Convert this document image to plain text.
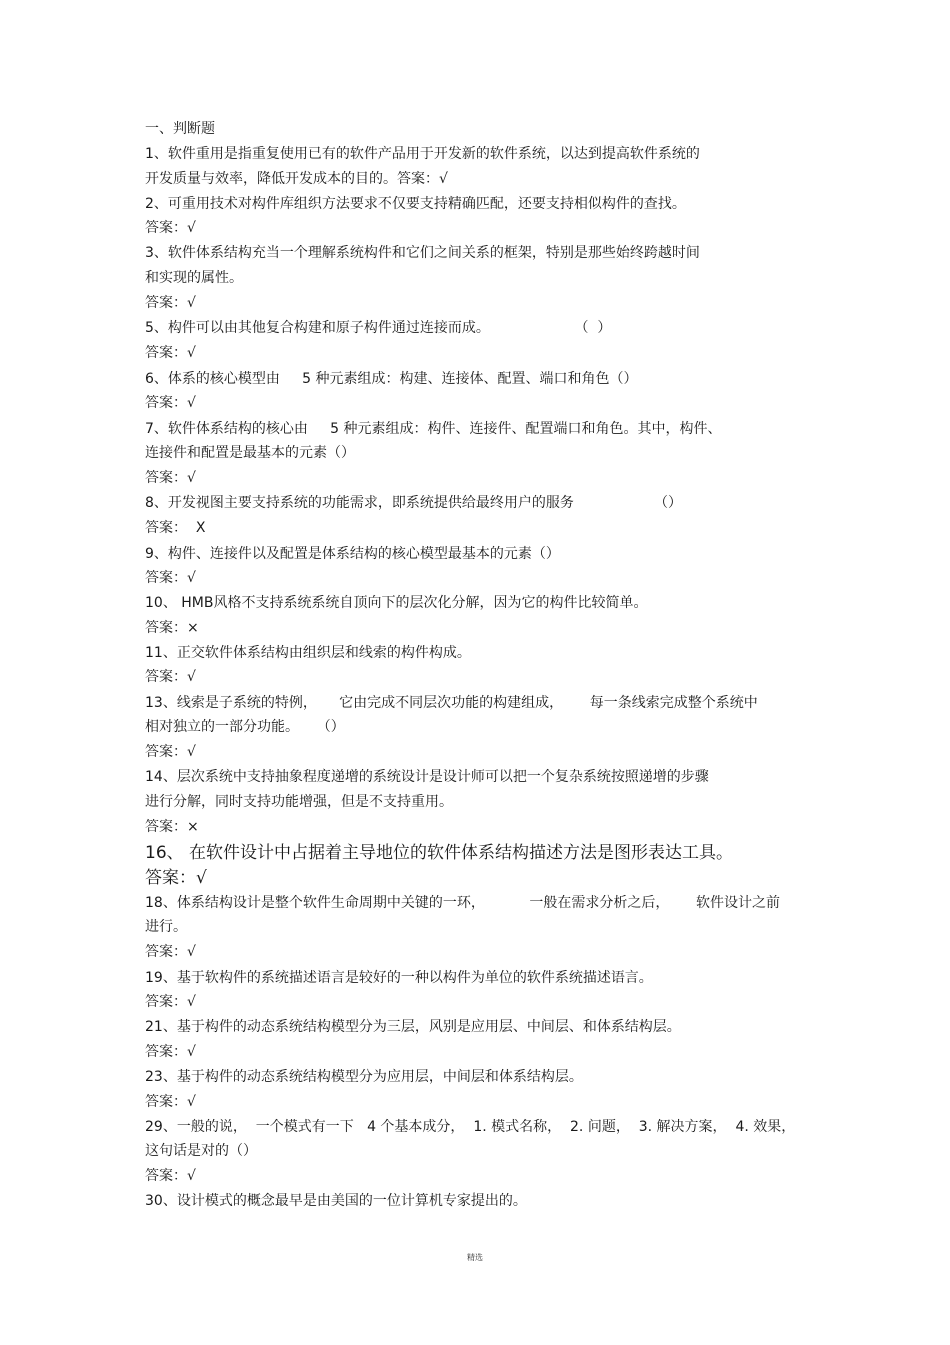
一、判断题
1、软件重用是指重复使用已有的软件产品用于开发新的软件系统，以达到提高软件系统的
开发质量与效率，降低开发成本的目的。答案：√
2、可重用技术对构件库组织方法要求不仅要支持精确匹配，还要支持相似构件的查找。
答案：√
3、软件体系结构充当一个理解系统构件和它们之间关系的框架，特别是那些始终跨越时间
和实现的属性。
答案：√
5、构件可以由其他复合构建和原子构件通过连接而成。                   （  ）
答案：√
6、体系的核心模型由     5 种元素组成：构建、连接体、配置、端口和角色（）
答案：√
7、软件体系结构的核心由     5 种元素组成：构件、连接件、配置端口和角色。其中，构件、
连接件和配置是最基本的元素（）
答案：√
8、开发视图主要支持系统的功能需求，即系统提供给最终用户的服务                  （）
答案：  X
9、构件、连接件以及配置是体系结构的核心模型最基本的元素（）
答案：√
10、 HMB风格不支持系统系统自顶向下的层次化分解，因为它的构件比较简单。
答案：×
11、正交软件体系结构由组织层和线索的构件构成。
答案：√
13、线索是子系统的特例，     它由完成不同层次功能的构建组成，      每一条线索完成整个系统中
相对独立的一部分功能。    （）
答案：√
14、层次系统中支持抽象程度递增的系统设计是设计师可以把一个复杂系统按照递增的步骤
进行分解，同时支持功能增强，但是不支持重用。
答案：×
16、 在软件设计中占据着主导地位的软件体系结构描述方法是图形表达工具。
答案：√
18、体系结构设计是整个软件生命周期中关键的一环，          一般在需求分析之后，      软件设计之前
进行。
答案：√
19、基于软构件的系统描述语言是较好的一种以构件为单位的软件系统描述语言。
答案：√
21、基于构件的动态系统结构模型分为三层，风别是应用层、中间层、和体系结构层。
答案：√
23、基于构件的动态系统结构模型分为应用层，中间层和体系结构层。
答案：√
29、一般的说，  一个模式有一下   4 个基本成分，  1. 模式名称，  2. 问题，  3. 解决方案，  4. 效果，
这句话是对的（）
答案：√
30、设计模式的概念最早是由美国的一位计算机专家提出的。
精选
